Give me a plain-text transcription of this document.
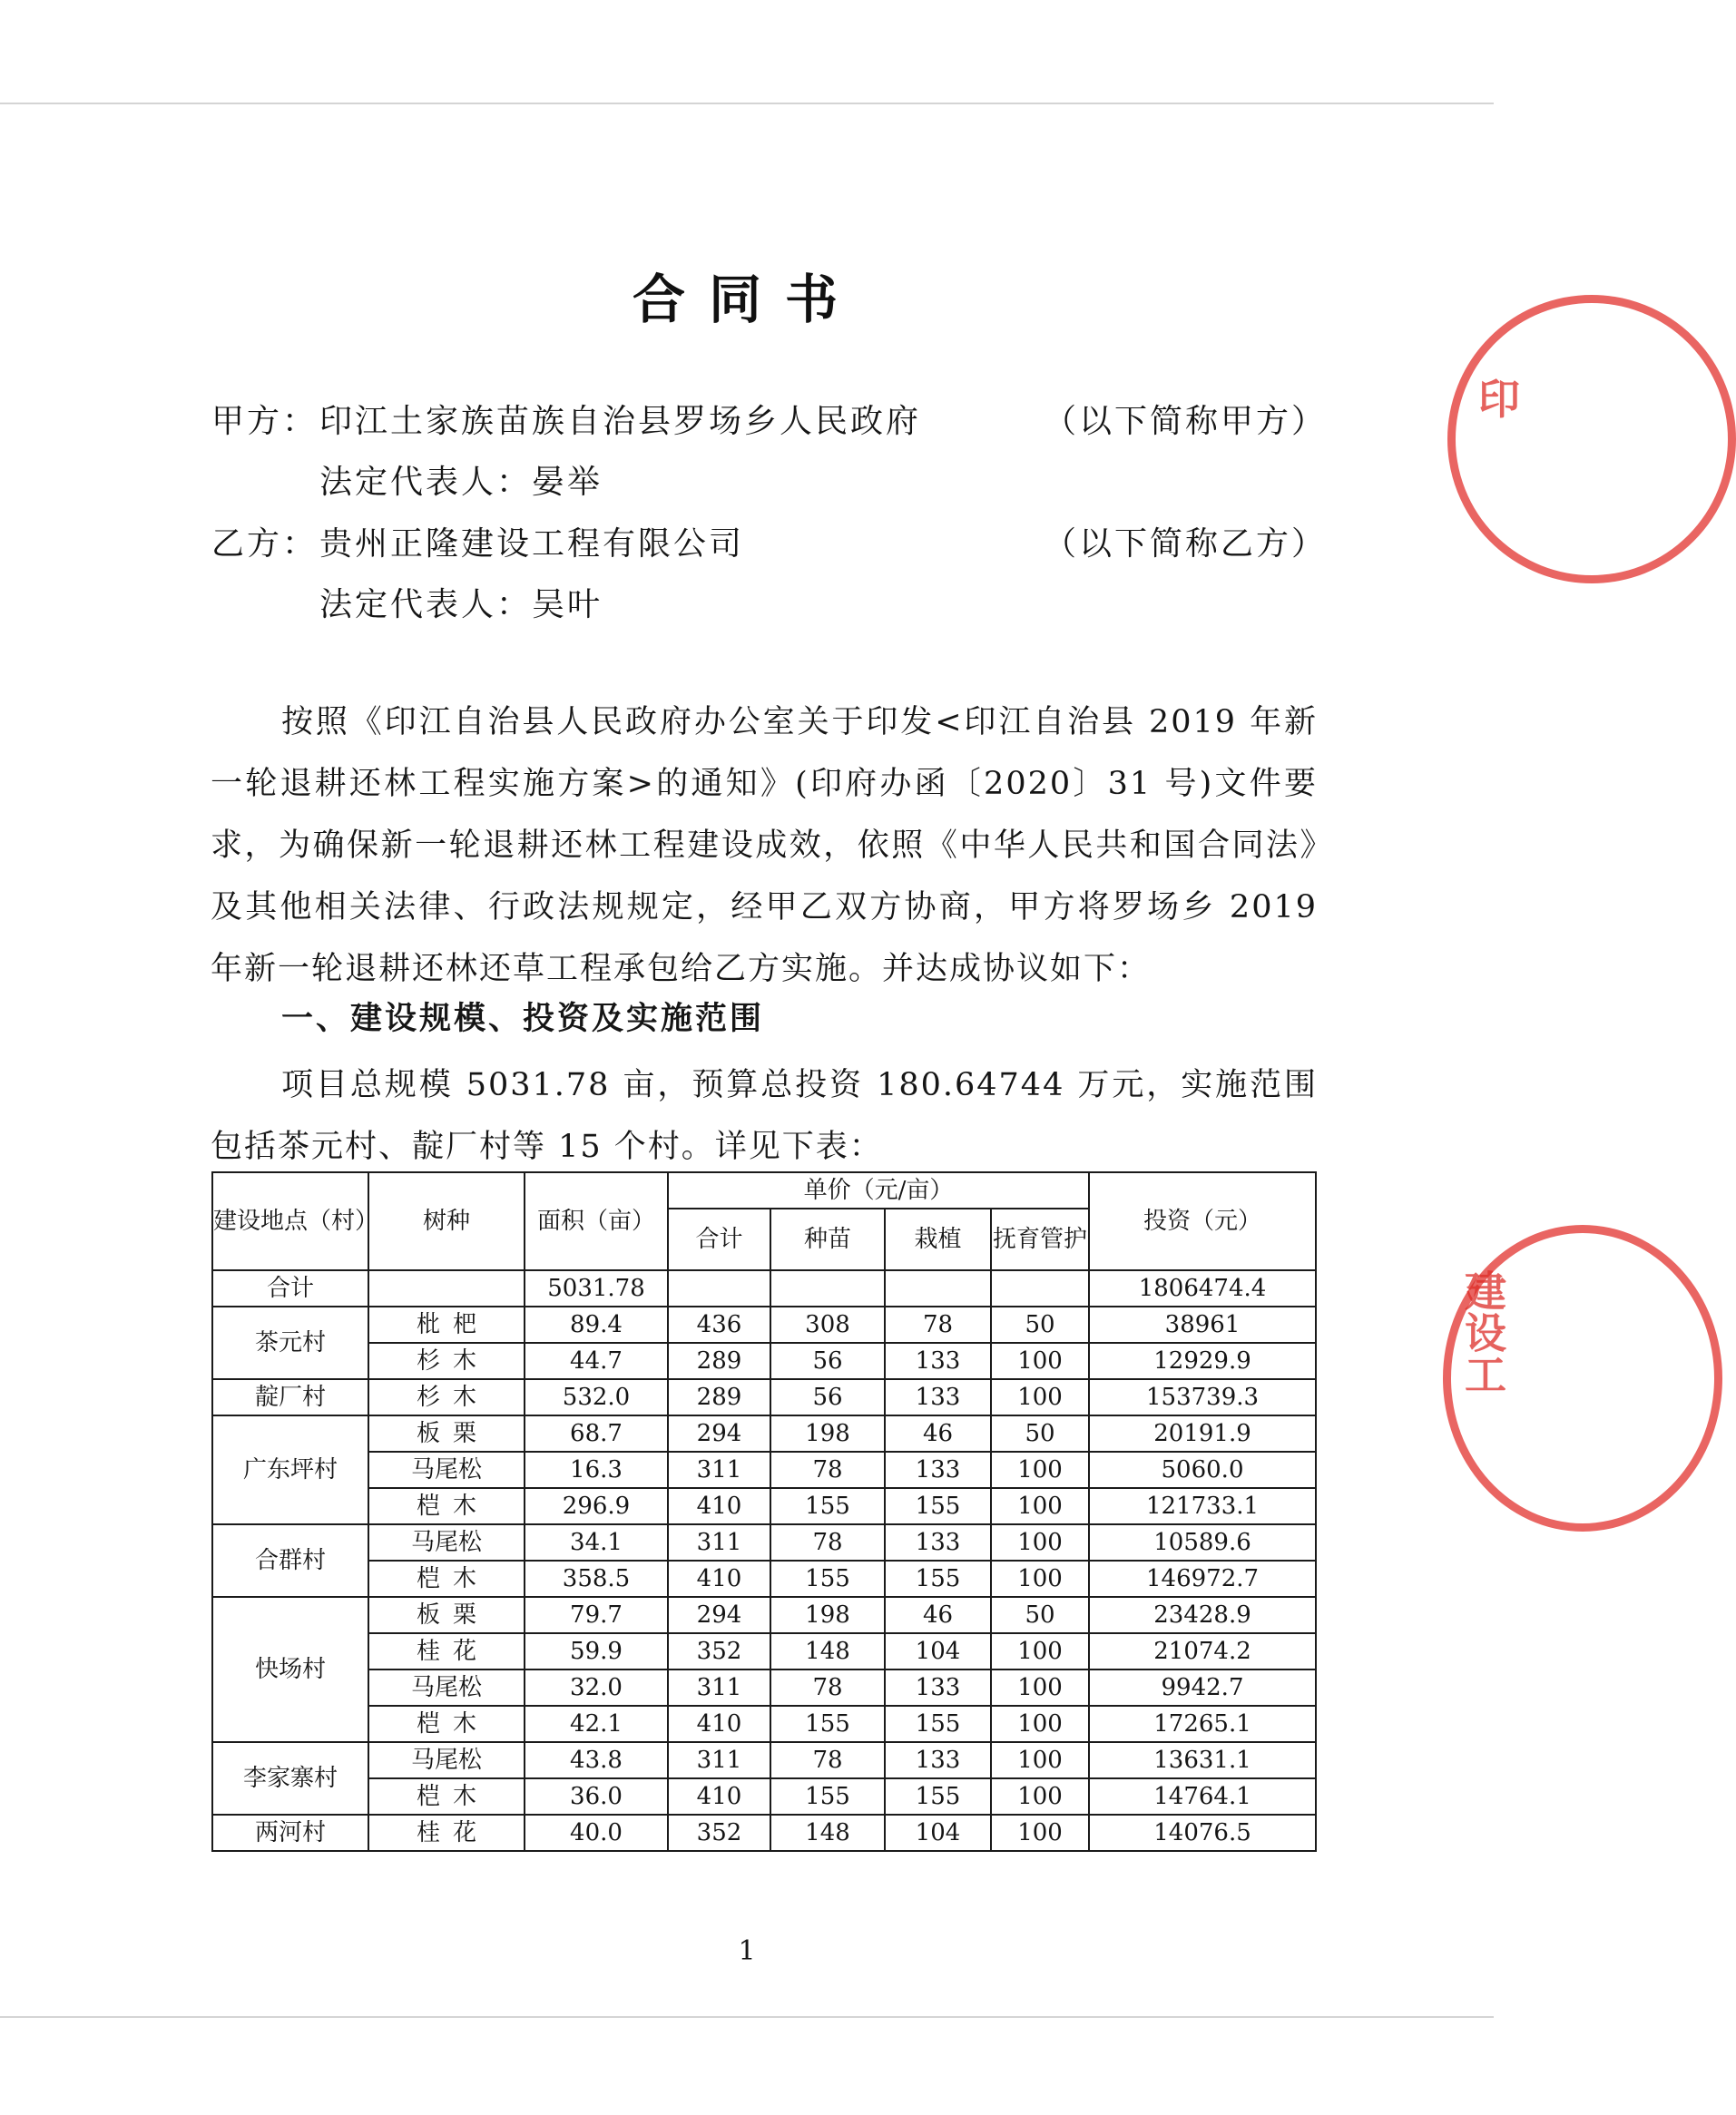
合同书
甲方： 印江土家族苗族自治县罗场乡人民政府	（以下简称甲方）
法定代表人：晏举
乙方： 贵州正隆建设工程有限公司	（以下简称乙方）
法定代表人：吴叶

按照《印江自治县人民政府办公室关于印发<印江自治县 2019 年新一轮退耕还林工程实施方案>的通知》(印府办函〔2020〕31 号)文件要求，为确保新一轮退耕还林工程建设成效，依照《中华人民共和国合同法》及其他相关法律、行政法规规定，经甲乙双方协商，甲方将罗场乡 2019 年新一轮退耕还林还草工程承包给乙方实施。并达成协议如下：

一、建设规模、投资及实施范围

项目总规模 5031.78 亩，预算总投资 180.64744 万元，实施范围包括茶元村、靛厂村等 15 个村。详见下表：

建设地点（村）	树种	面积（亩）	单价（元/亩）				投资（元）
			合计	种苗	栽植	抚育管护	
合计		5031.78					1806474.4
茶元村	枇杷	89.4	436	308	78	50	38961
	杉木	44.7	289	56	133	100	12929.9
靛厂村	杉木	532.0	289	56	133	100	153739.3
广东坪村	板栗	68.7	294	198	46	50	20191.9
	马尾松	16.3	311	78	133	100	5060.0
	桤木	296.9	410	155	155	100	121733.1
合群村	马尾松	34.1	311	78	133	100	10589.6
	桤木	358.5	410	155	155	100	146972.7
快场村	板栗	79.7	294	198	46	50	23428.9
	桂花	59.9	352	148	104	100	21074.2
	马尾松	32.0	311	78	133	100	9942.7
	桤木	42.1	410	155	155	100	17265.1
李家寨村	马尾松	43.8	311	78	133	100	13631.1
	桤木	36.0	410	155	155	100	14764.1
两河村	桂花	40.0	352	148	104	100	14076.5
1
印
建设工
